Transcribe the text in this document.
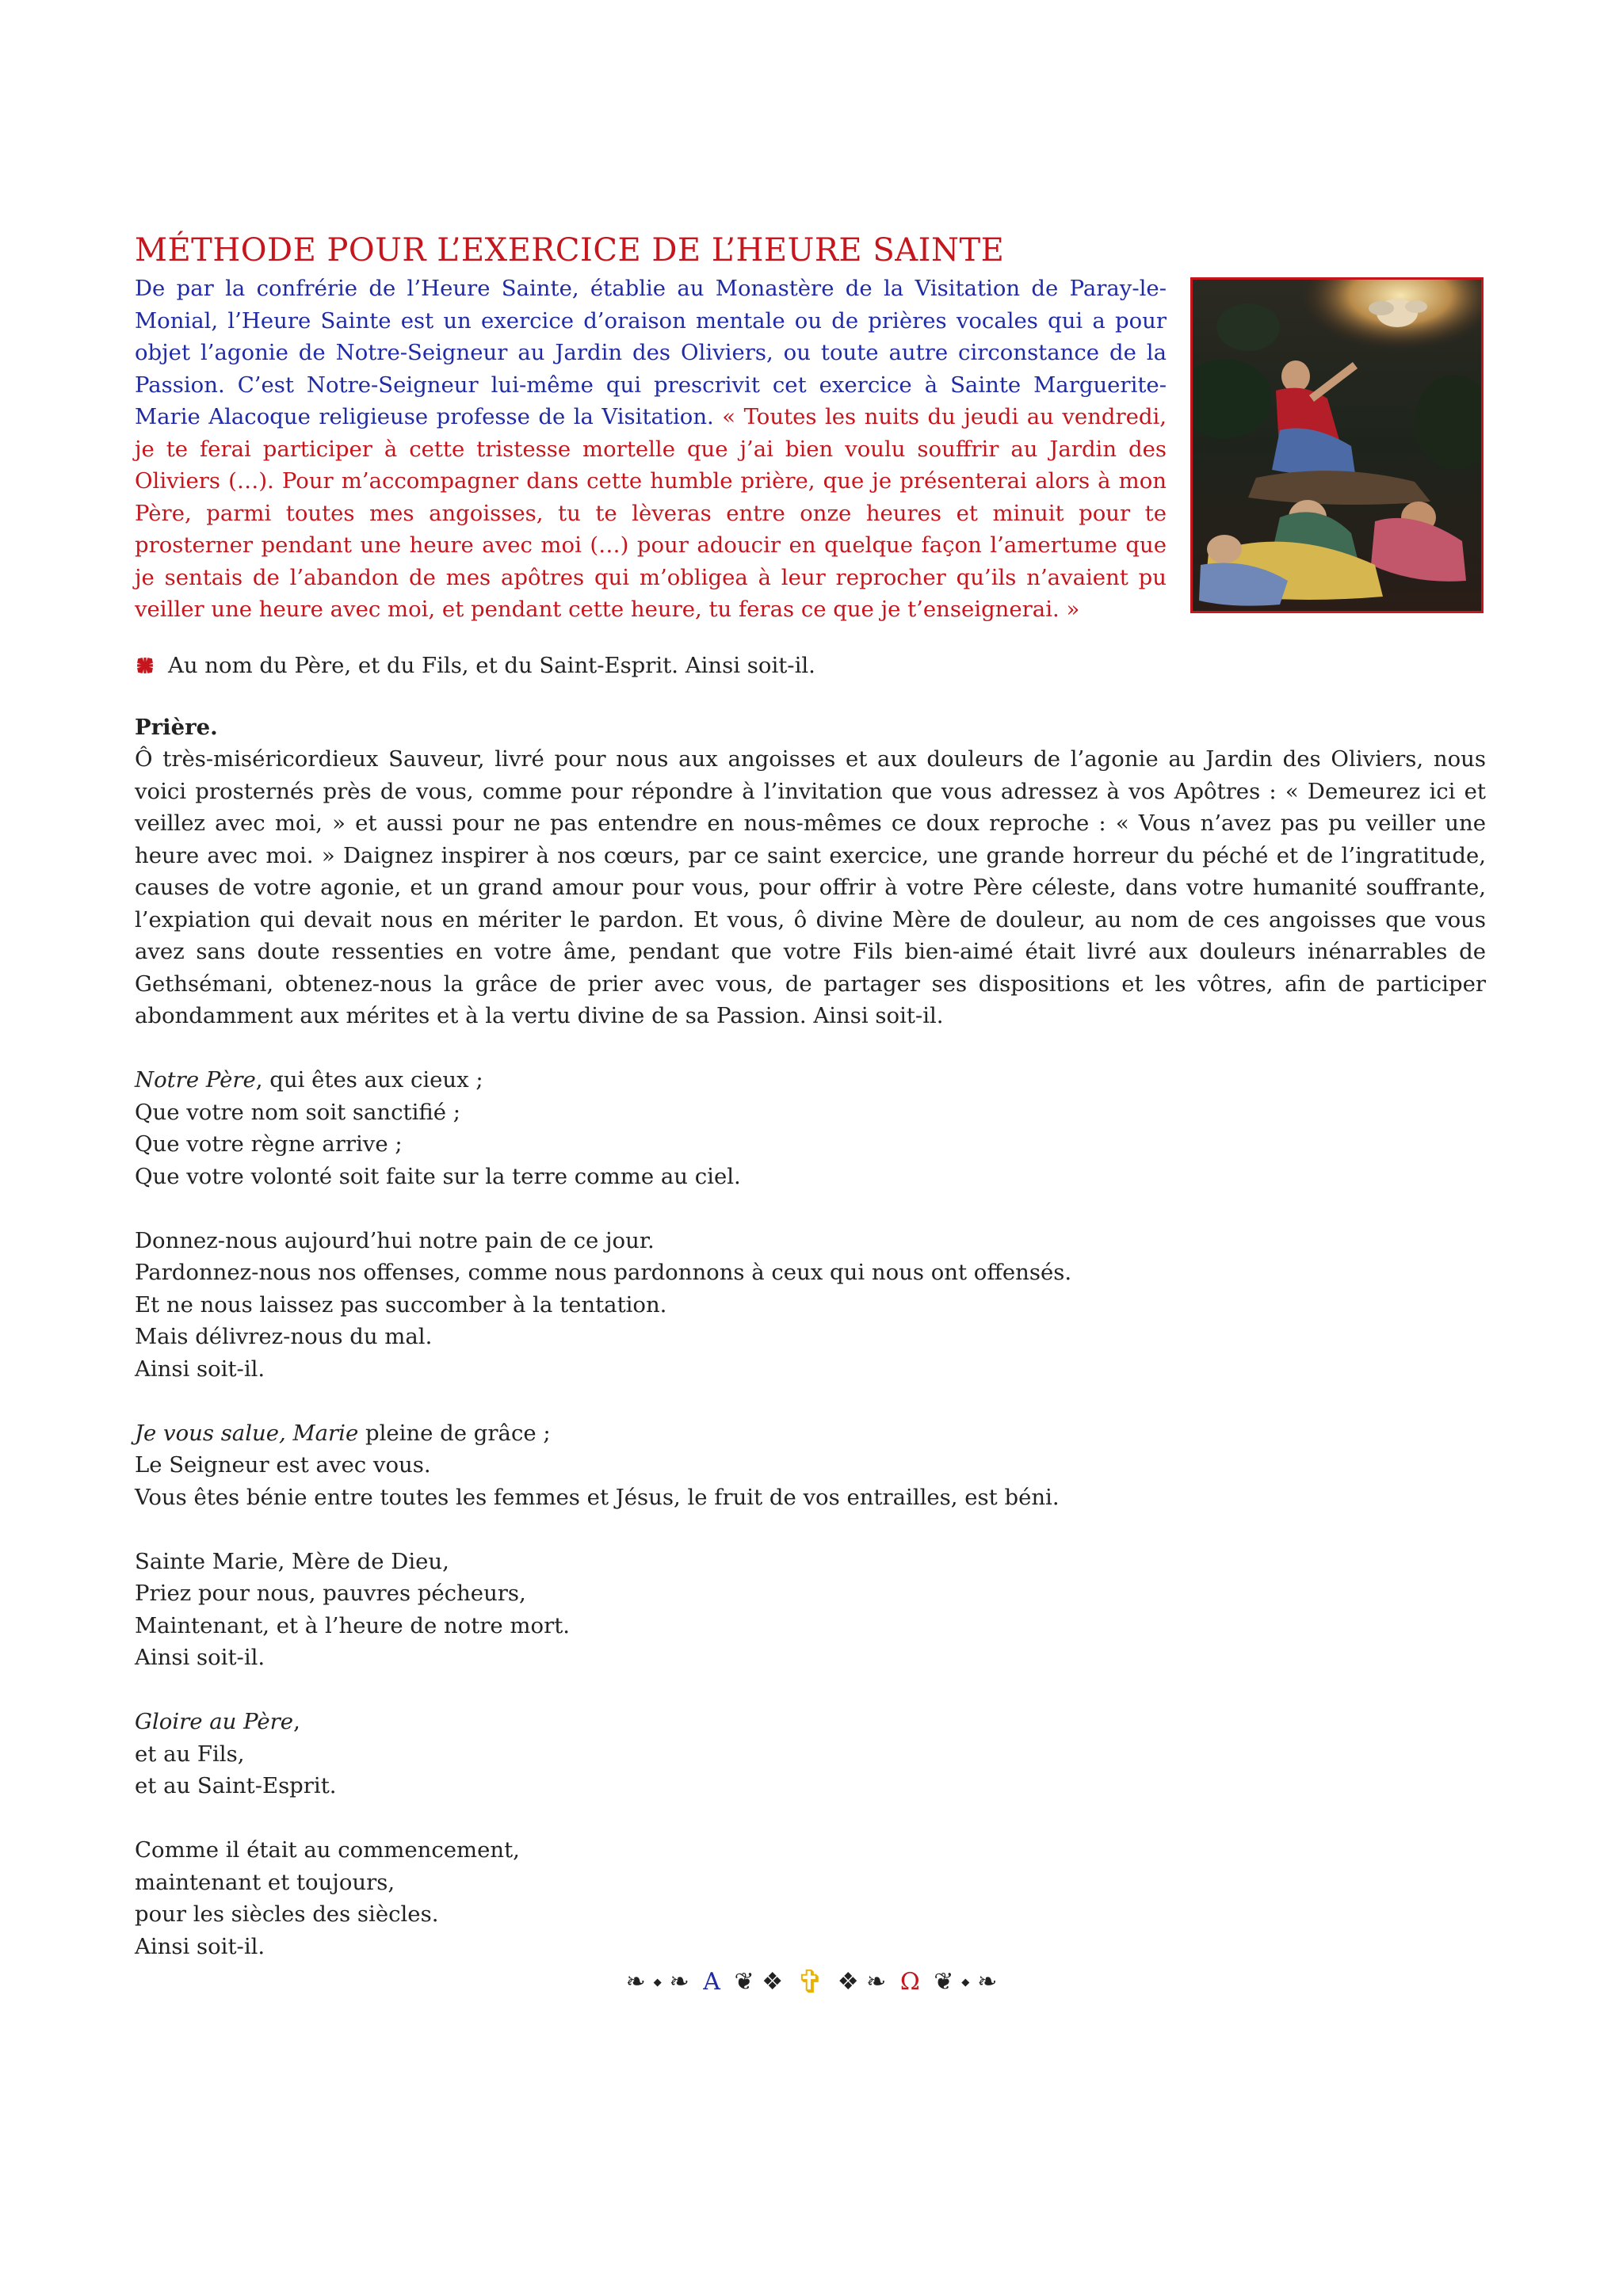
MÉTHODE POUR L’EXERCICE DE L’HEURE SAINTE

De par la confrérie de l’Heure Sainte, établie au Monastère de la Visitation de Paray-le-Monial, l’Heure Sainte est un exercice d’oraison mentale ou de prières vocales qui a pour objet l’agonie de Notre-Seigneur au Jardin des Oliviers, ou toute autre circonstance de la Passion. C’est Notre-Seigneur lui-même qui prescrivit cet exercice à Sainte Marguerite-Marie Alacoque religieuse professe de la Visitation. « Toutes les nuits du jeudi au vendredi, je te ferai participer à cette tristesse mortelle que j’ai bien voulu souffrir au Jardin des Oliviers (…). Pour m’accompagner dans cette humble prière, que je présenterai alors à mon Père, parmi toutes mes angoisses, tu te lèveras entre onze heures et minuit pour te prosterner pendant une heure avec moi (…) pour adoucir en quelque façon l’amertume que je sentais de l’abandon de mes apôtres qui m’obligea à leur reprocher qu’ils n’avaient pu veiller une heure avec moi, et pendant cette heure, tu feras ce que je t’enseignerai. »

Au nom du Père, et du Fils, et du Saint-Esprit. Ainsi soit-il.
Prière.

Ô très-miséricordieux Sauveur, livré pour nous aux angoisses et aux douleurs de l’agonie au Jardin des Oliviers, nous voici prosternés près de vous, comme pour répondre à l’invitation que vous adressez à vos Apôtres : « Demeurez ici et veillez avec moi, » et aussi pour ne pas entendre en nous-mêmes ce doux reproche : « Vous n’avez pas pu veiller une heure avec moi. » Daignez inspirer à nos cœurs, par ce saint exercice, une grande horreur du péché et de l’ingratitude, causes de votre agonie, et un grand amour pour vous, pour offrir à votre Père céleste, dans votre humanité souffrante, l’expiation qui devait nous en mériter le pardon. Et vous, ô divine Mère de douleur, au nom de ces angoisses que vous avez sans doute ressenties en votre âme, pendant que votre Fils bien-aimé était livré aux douleurs inénarrables de Gethsémani, obtenez-nous la grâce de prier avec vous, de partager ses dispositions et les vôtres, afin de participer abondamment aux mérites et à la vertu divine de sa Passion. Ainsi soit-il.

Notre Père, qui êtes aux cieux ;
Que votre nom soit sanctifié ;
Que votre règne arrive ;
Que votre volonté soit faite sur la terre comme au ciel.
Donnez-nous aujourd’hui notre pain de ce jour.
Pardonnez-nous nos offenses, comme nous pardonnons à ceux qui nous ont offensés.
Et ne nous laissez pas succomber à la tentation.
Mais délivrez-nous du mal.
Ainsi soit-il.
Je vous salue, Marie pleine de grâce ;
Le Seigneur est avec vous.
Vous êtes bénie entre toutes les femmes et Jésus, le fruit de vos entrailles, est béni.
Sainte Marie, Mère de Dieu,
Priez pour nous, pauvres pécheurs,
Maintenant, et à l’heure de notre mort.
Ainsi soit-il.
Gloire au Père,
et au Fils,
et au Saint-Esprit.
Comme il était au commencement,
maintenant et toujours,
pour les siècles des siècles.
Ainsi soit-il.
❧ ⬩ ❧ A ❦ ❖ ✞ ❖ ❧ Ω ❦ ⬩ ❧
